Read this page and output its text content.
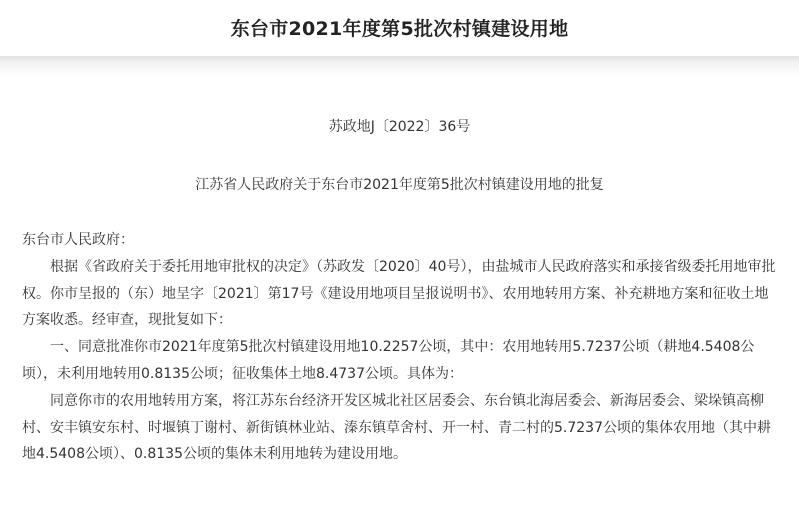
东台市2021年度第5批次村镇建设用地
苏政地J〔2022〕36号
江苏省人民政府关于东台市2021年度第5批次村镇建设用地的批复

东台市人民政府：

根据《省政府关于委托用地审批权的决定》（苏政发〔2020〕40号），由盐城市人民政府落实和承接省级委托用地审批权。你市呈报的（东）地呈字〔2021〕第17号《建设用地项目呈报说明书》、农用地转用方案、补充耕地方案和征收土地方案收悉。经审查，现批复如下：

一、同意批准你市2021年度第5批次村镇建设用地10.2257公顷，其中：农用地转用5.7237公顷（耕地4.5408公顷），未利用地转用0.8135公顷；征收集体土地8.4737公顷。具体为：

同意你市的农用地转用方案，将江苏东台经济开发区城北社区居委会、东台镇北海居委会、新海居委会、梁垛镇高柳村、安丰镇安东村、时堰镇丁谢村、新街镇林业站、溱东镇草舍村、开一村、青二村的5.7237公顷的集体农用地（其中耕地4.5408公顷）、0.8135公顷的集体未利用地转为建设用地。
